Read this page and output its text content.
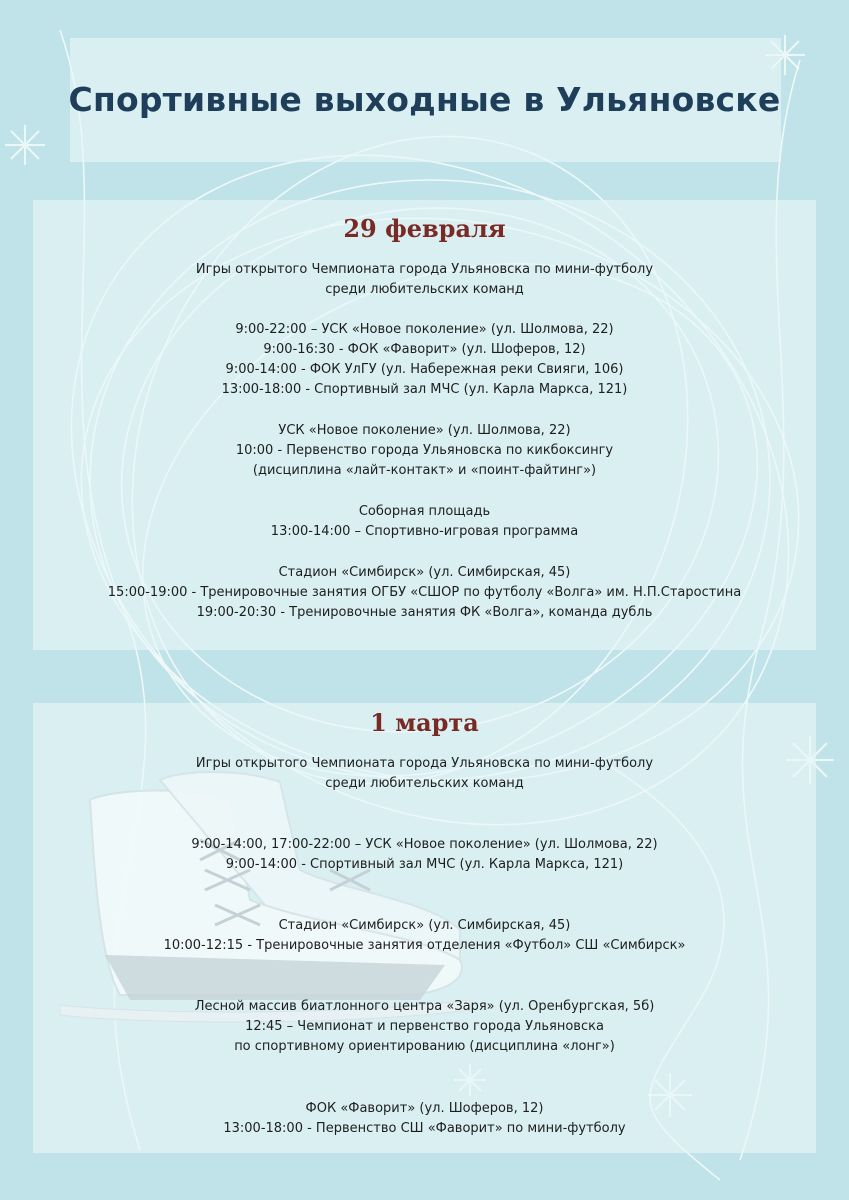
Спортивные выходные в Ульяновске
29 февраля
Игры открытого Чемпионата города Ульяновска по мини-футболу
среди любительских команд
9:00-22:00 – УСК «Новое поколение» (ул. Шолмова, 22)
9:00-16:30 - ФОК «Фаворит» (ул. Шоферов, 12)
9:00-14:00 - ФОК УлГУ (ул. Набережная реки Свияги, 106)
13:00-18:00 - Спортивный зал МЧС (ул. Карла Маркса, 121)
УСК «Новое поколение» (ул. Шолмова, 22)
10:00 - Первенство города Ульяновска по кикбоксингу
(дисциплина «лайт-контакт» и «поинт-файтинг»)
Соборная площадь
13:00-14:00 – Спортивно-игровая программа
Стадион «Симбирск» (ул. Симбирская, 45)
15:00-19:00 - Тренировочные занятия ОГБУ «СШОР по футболу «Волга» им. Н.П.Старостина
19:00-20:30 - Тренировочные занятия ФК «Волга», команда дубль
1 марта
Игры открытого Чемпионата города Ульяновска по мини-футболу
среди любительских команд
9:00-14:00, 17:00-22:00 – УСК «Новое поколение» (ул. Шолмова, 22)
9:00-14:00 - Спортивный зал МЧС (ул. Карла Маркса, 121)
Стадион «Симбирск» (ул. Симбирская, 45)
10:00-12:15 - Тренировочные занятия отделения «Футбол» СШ «Симбирск»
Лесной массив биатлонного центра «Заря» (ул. Оренбургская, 5б)
12:45 – Чемпионат и первенство города Ульяновска
по спортивному ориентированию (дисциплина «лонг»)
ФОК «Фаворит» (ул. Шоферов, 12)
13:00-18:00 - Первенство СШ «Фаворит» по мини-футболу
